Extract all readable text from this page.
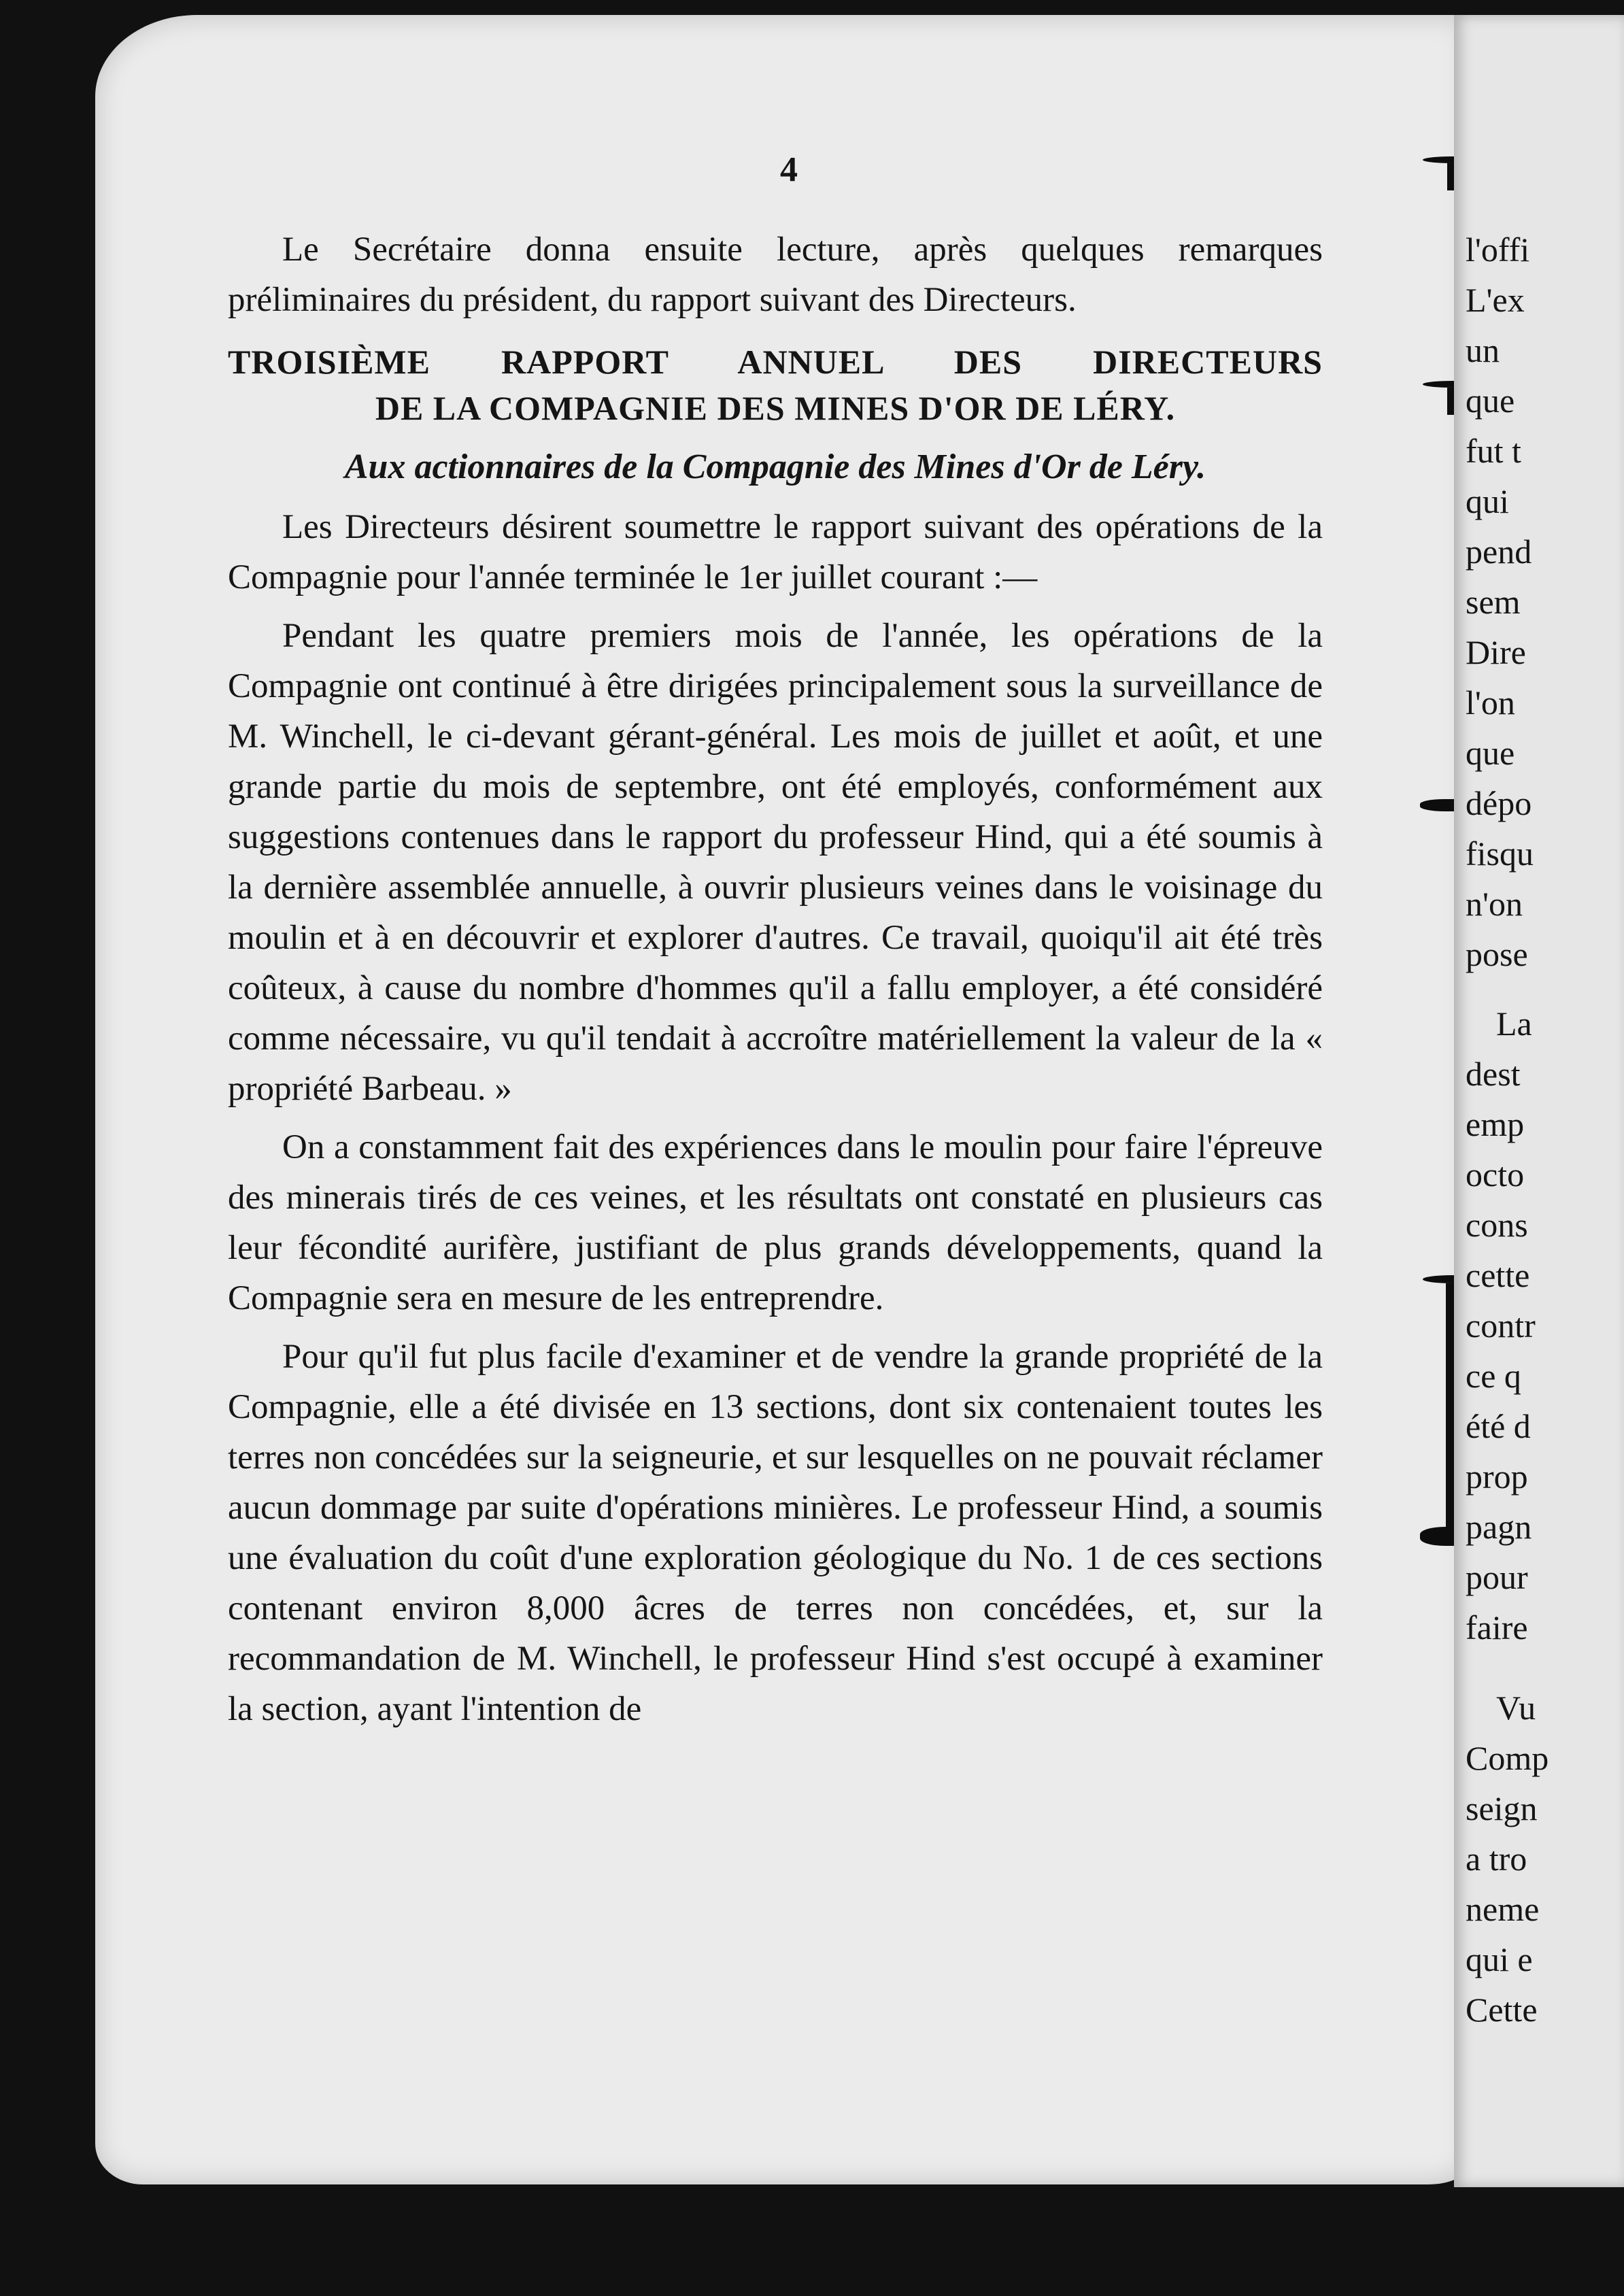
4

Le Secrétaire donna ensuite lecture, après quelques remarques préliminaires du président, du rapport suivant des Directeurs.

TROISIÈME RAPPORT ANNUEL DES DIRECTEURS
DE LA COMPAGNIE DES MINES D'OR DE LÉRY.

Aux actionnaires de la Compagnie des Mines d'Or de Léry.

Les Directeurs désirent soumettre le rapport suivant des opérations de la Compagnie pour l'année terminée le 1er juillet courant :—

Pendant les quatre premiers mois de l'année, les opérations de la Compagnie ont continué à être dirigées principalement sous la surveillance de M. Winchell, le ci-devant gérant-général. Les mois de juillet et août, et une grande partie du mois de septembre, ont été employés, conformément aux suggestions contenues dans le rapport du professeur Hind, qui a été soumis à la dernière assemblée annuelle, à ouvrir plusieurs veines dans le voisinage du moulin et à en découvrir et explorer d'autres. Ce travail, quoiqu'il ait été très coûteux, à cause du nombre d'hommes qu'il a fallu employer, a été considéré comme nécessaire, vu qu'il tendait à accroître matériellement la valeur de la « propriété Barbeau. »

On a constamment fait des expériences dans le moulin pour faire l'épreuve des minerais tirés de ces veines, et les résultats ont constaté en plusieurs cas leur fécondité aurifère, justifiant de plus grands développements, quand la Compagnie sera en mesure de les entreprendre.

Pour qu'il fut plus facile d'examiner et de vendre la grande propriété de la Compagnie, elle a été divisée en 13 sections, dont six contenaient toutes les terres non concédées sur la seigneurie, et sur lesquelles on ne pouvait réclamer aucun dommage par suite d'opérations minières. Le professeur Hind, a soumis une évaluation du coût d'une exploration géologique du No. 1 de ces sections contenant environ 8,000 âcres de terres non concédées, et, sur la recommandation de M. Winchell, le professeur Hind s'est occupé à examiner la section, ayant l'intention de

l'offi
L'ex
un
que
fut t
qui
pend
sem
Dire
l'on
que
dépo
fisqu
n'on
pose
La
dest
emp
octo
cons
cette
contr
ce q
été d
prop
pagn
pour
faire
Vu
Comp
seign
a tro
neme
qui e
Cette
